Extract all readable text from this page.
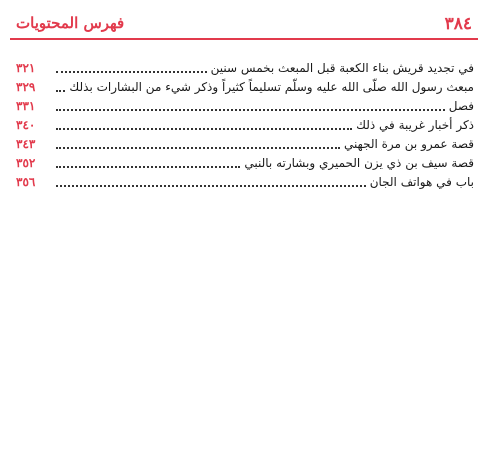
٣٨٤
فهرس المحتويات
في تجديد قريش بناء الكعبة قبل المبعث بخمس سنين
٣٢١
مبعث رسول الله صلّى الله عليه وسلّم تسليماً كثيراً وذكر شيء من البشارات بذلك
٣٢٩
فصل
٣٣١
ذكر أخبار غريبة في ذلك
٣٤٠
قصة عمرو بن مرة الجهني
٣٤٣
قصة سيف بن ذي يزن الحميري وبشارته بالنبي
٣٥٢
باب في هواتف الجان
٣٥٦
